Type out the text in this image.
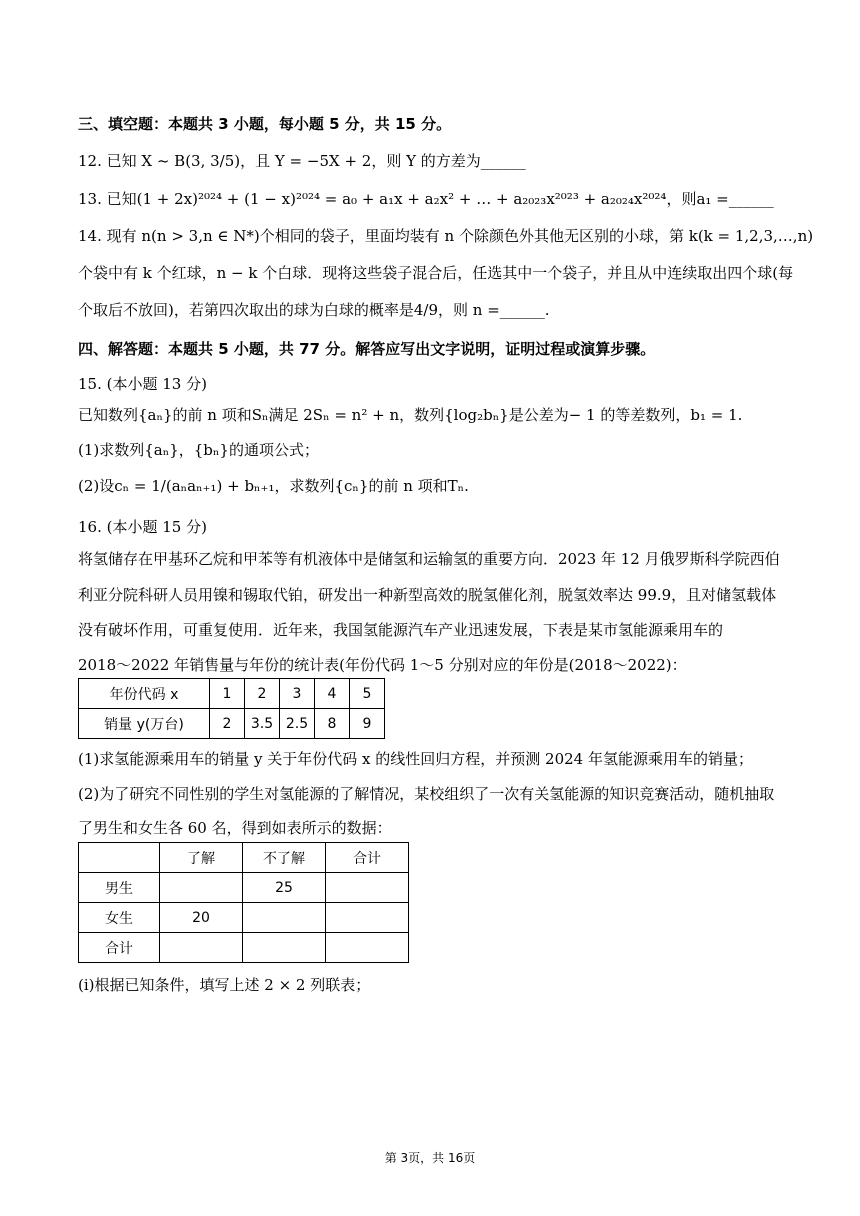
三、填空题：本题共 3 小题，每小题 5 分，共 15 分。
12. 已知 X ~ B(3, 3/5)，且 Y = −5X + 2，则 Y 的方差为______
13. 已知(1 + 2x)²⁰²⁴ + (1 − x)²⁰²⁴ = a₀ + a₁x + a₂x² + … + a₂₀₂₃x²⁰²³ + a₂₀₂₄x²⁰²⁴，则a₁ =______
14. 现有 n(n > 3,n ∈ N*)个相同的袋子，里面均装有 n 个除颜色外其他无区别的小球，第 k(k = 1,2,3,…,n)
个袋中有 k 个红球，n − k 个白球．现将这些袋子混合后，任选其中一个袋子，并且从中连续取出四个球(每
个取后不放回)，若第四次取出的球为白球的概率是4/9，则 n =______.
四、解答题：本题共 5 小题，共 77 分。解答应写出文字说明，证明过程或演算步骤。
15. (本小题 13 分)
已知数列{aₙ}的前 n 项和Sₙ满足 2Sₙ = n² + n，数列{log₂bₙ}是公差为− 1 的等差数列，b₁ = 1.
(1)求数列{aₙ}，{bₙ}的通项公式；
(2)设cₙ = 1/(aₙaₙ₊₁) + bₙ₊₁，求数列{cₙ}的前 n 项和Tₙ.
16. (本小题 15 分)
将氢储存在甲基环乙烷和甲苯等有机液体中是储氢和运输氢的重要方向．2023 年 12 月俄罗斯科学院西伯
利亚分院科研人员用镍和锡取代铂，研发出一种新型高效的脱氢催化剂，脱氢效率达 99.9，且对储氢载体
没有破坏作用，可重复使用．近年来，我国氢能源汽车产业迅速发展，下表是某市氢能源乘用车的
2018～2022 年销售量与年份的统计表(年份代码 1～5 分别对应的年份是(2018～2022)：
年份代码 x	1	2	3	4	5
销量 y(万台)	2	3.5	2.5	8	9
(1)求氢能源乘用车的销量 y 关于年份代码 x 的线性回归方程，并预测 2024 年氢能源乘用车的销量；
(2)为了研究不同性别的学生对氢能源的了解情况，某校组织了一次有关氢能源的知识竞赛活动，随机抽取
了男生和女生各 60 名，得到如表所示的数据：
	了解	不了解	合计
男生		25	
女生	20		
合计			
(ⅰ)根据已知条件，填写上述 2 × 2 列联表；
第 3页，共 16页
